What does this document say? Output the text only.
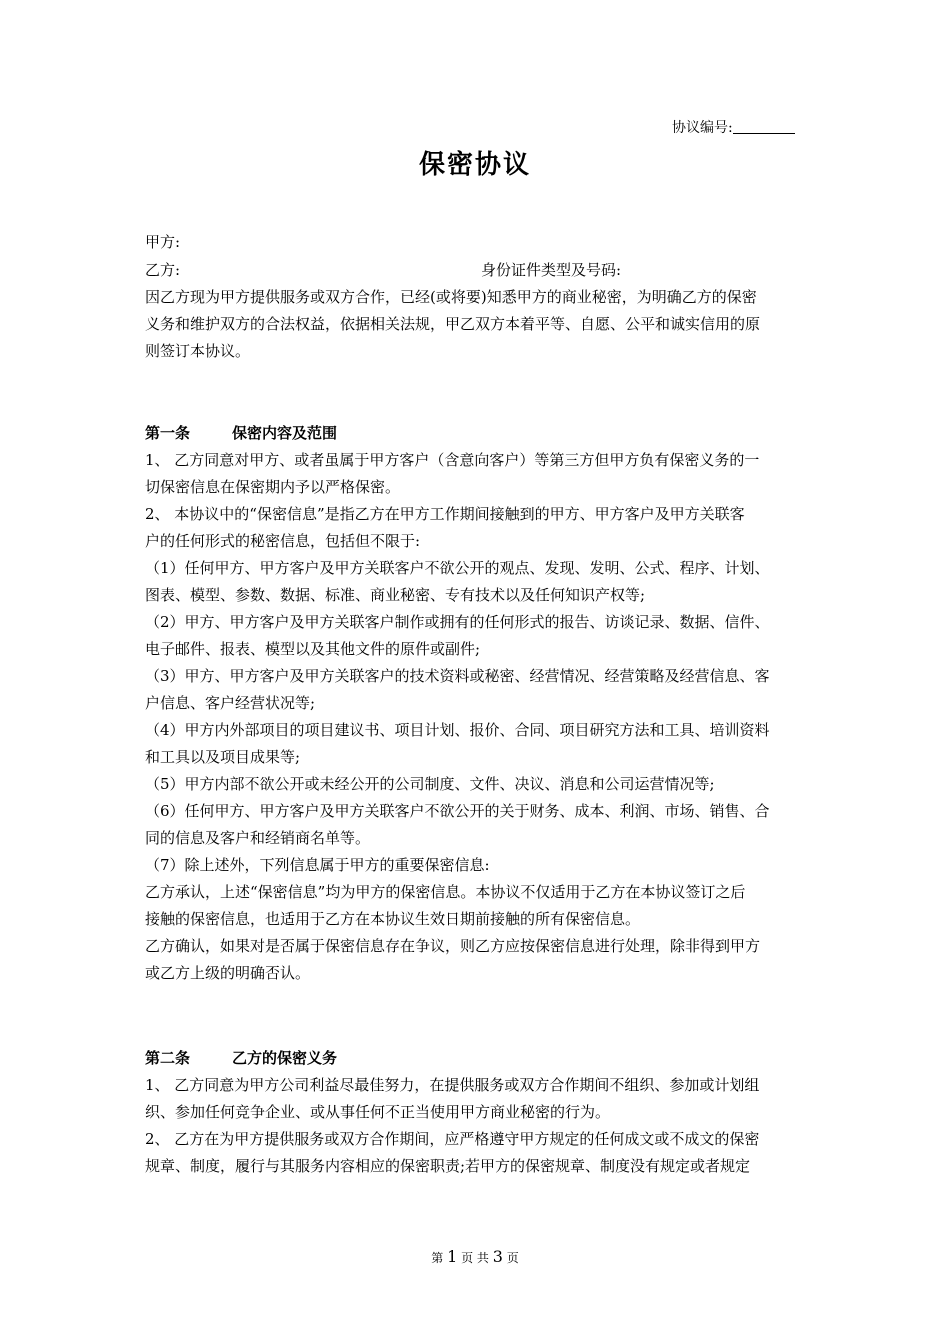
协议编号:
保密协议
甲方:
乙方:	身份证件类型及号码:
因乙方现为甲方提供服务或双方合作，已经(或将要)知悉甲方的商业秘密，为明确乙方的保密
义务和维护双方的合法权益，依据相关法规，甲乙双方本着平等、自愿、公平和诚实信用的原
则签订本协议。
第一条	保密内容及范围
1、 乙方同意对甲方、或者虽属于甲方客户（含意向客户）等第三方但甲方负有保密义务的一
切保密信息在保密期内予以严格保密。
2、 本协议中的“保密信息”是指乙方在甲方工作期间接触到的甲方、甲方客户及甲方关联客
户的任何形式的秘密信息，包括但不限于:
（1）任何甲方、甲方客户及甲方关联客户不欲公开的观点、发现、发明、公式、程序、计划、
图表、模型、参数、数据、标准、商业秘密、专有技术以及任何知识产权等;
（2）甲方、甲方客户及甲方关联客户制作或拥有的任何形式的报告、访谈记录、数据、信件、
电子邮件、报表、模型以及其他文件的原件或副件;
（3）甲方、甲方客户及甲方关联客户的技术资料或秘密、经营情况、经营策略及经营信息、客
户信息、客户经营状况等;
（4）甲方内外部项目的项目建议书、项目计划、报价、合同、项目研究方法和工具、培训资料
和工具以及项目成果等;
（5）甲方内部不欲公开或未经公开的公司制度、文件、决议、消息和公司运营情况等;
（6）任何甲方、甲方客户及甲方关联客户不欲公开的关于财务、成本、利润、市场、销售、合
同的信息及客户和经销商名单等。
（7）除上述外，下列信息属于甲方的重要保密信息:
乙方承认，上述“保密信息”均为甲方的保密信息。本协议不仅适用于乙方在本协议签订之后
接触的保密信息，也适用于乙方在本协议生效日期前接触的所有保密信息。
乙方确认，如果对是否属于保密信息存在争议，则乙方应按保密信息进行处理，除非得到甲方
或乙方上级的明确否认。
第二条	乙方的保密义务
1、 乙方同意为甲方公司利益尽最佳努力，在提供服务或双方合作期间不组织、参加或计划组
织、参加任何竞争企业、或从事任何不正当使用甲方商业秘密的行为。
2、 乙方在为甲方提供服务或双方合作期间，应严格遵守甲方规定的任何成文或不成文的保密
规章、制度，履行与其服务内容相应的保密职责;若甲方的保密规章、制度没有规定或者规定
第 1 页 共 3 页
